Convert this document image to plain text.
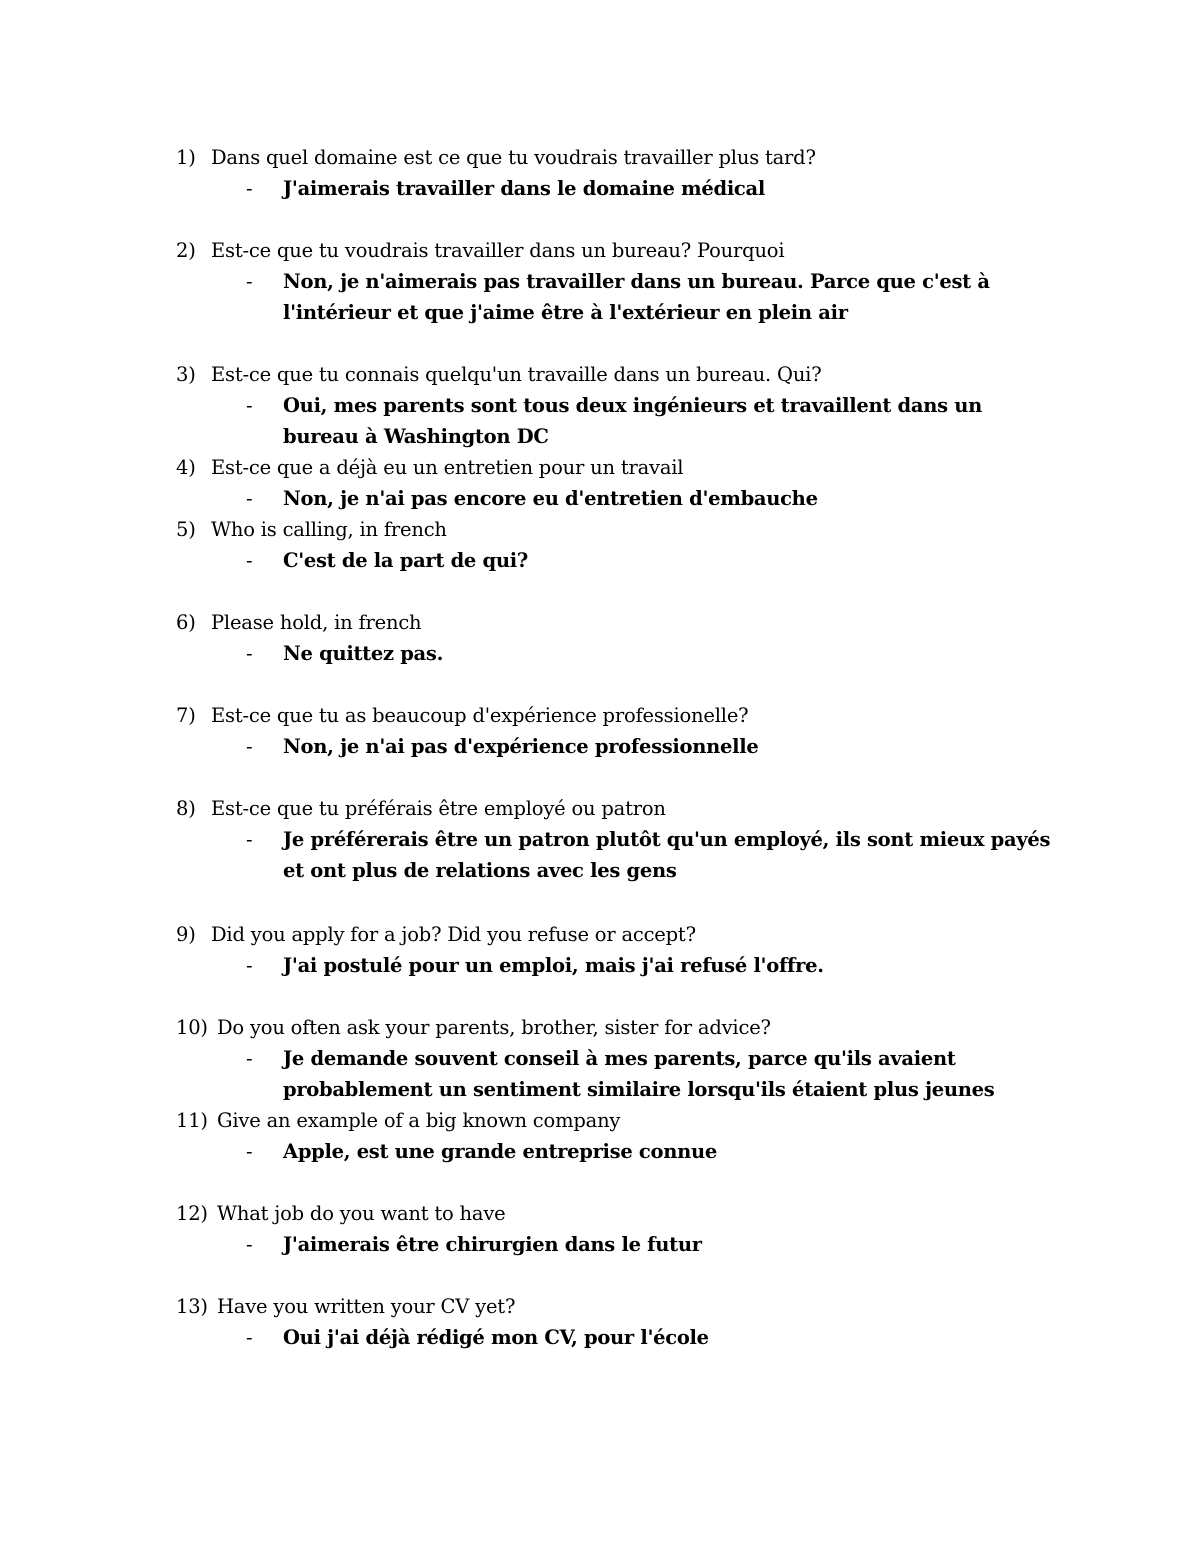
1) Dans quel domaine est ce que tu voudrais travailler plus tard?
- J'aimerais travailler dans le domaine médical
2) Est-ce que tu voudrais travailler dans un bureau? Pourquoi
- Non, je n'aimerais pas travailler dans un bureau. Parce que c'est à l'intérieur et que j'aime être à l'extérieur en plein air
3) Est-ce que tu connais quelqu'un travaille dans un bureau. Qui?
- Oui, mes parents sont tous deux ingénieurs et travaillent dans un bureau à Washington DC
4) Est-ce que a déjà eu un entretien pour un travail
- Non, je n'ai pas encore eu d'entretien d'embauche
5) Who is calling, in french
- C'est de la part de qui?
6) Please hold, in french
- Ne quittez pas.
7) Est-ce que tu as beaucoup d'expérience professionelle?
- Non, je n'ai pas d'expérience professionnelle
8) Est-ce que tu préférais être employé ou patron
- Je préférerais être un patron plutôt qu'un employé, ils sont mieux payés et ont plus de relations avec les gens
9) Did you apply for a job? Did you refuse or accept?
- J'ai postulé pour un emploi, mais j'ai refusé l'offre.
10) Do you often ask your parents, brother, sister for advice?
- Je demande souvent conseil à mes parents, parce qu'ils avaient probablement un sentiment similaire lorsqu'ils étaient plus jeunes
11) Give an example of a big known company
- Apple, est une grande entreprise connue
12) What job do you want to have
- J'aimerais être chirurgien dans le futur
13) Have you written your CV yet?
- Oui j'ai déjà rédigé mon CV, pour l'école
